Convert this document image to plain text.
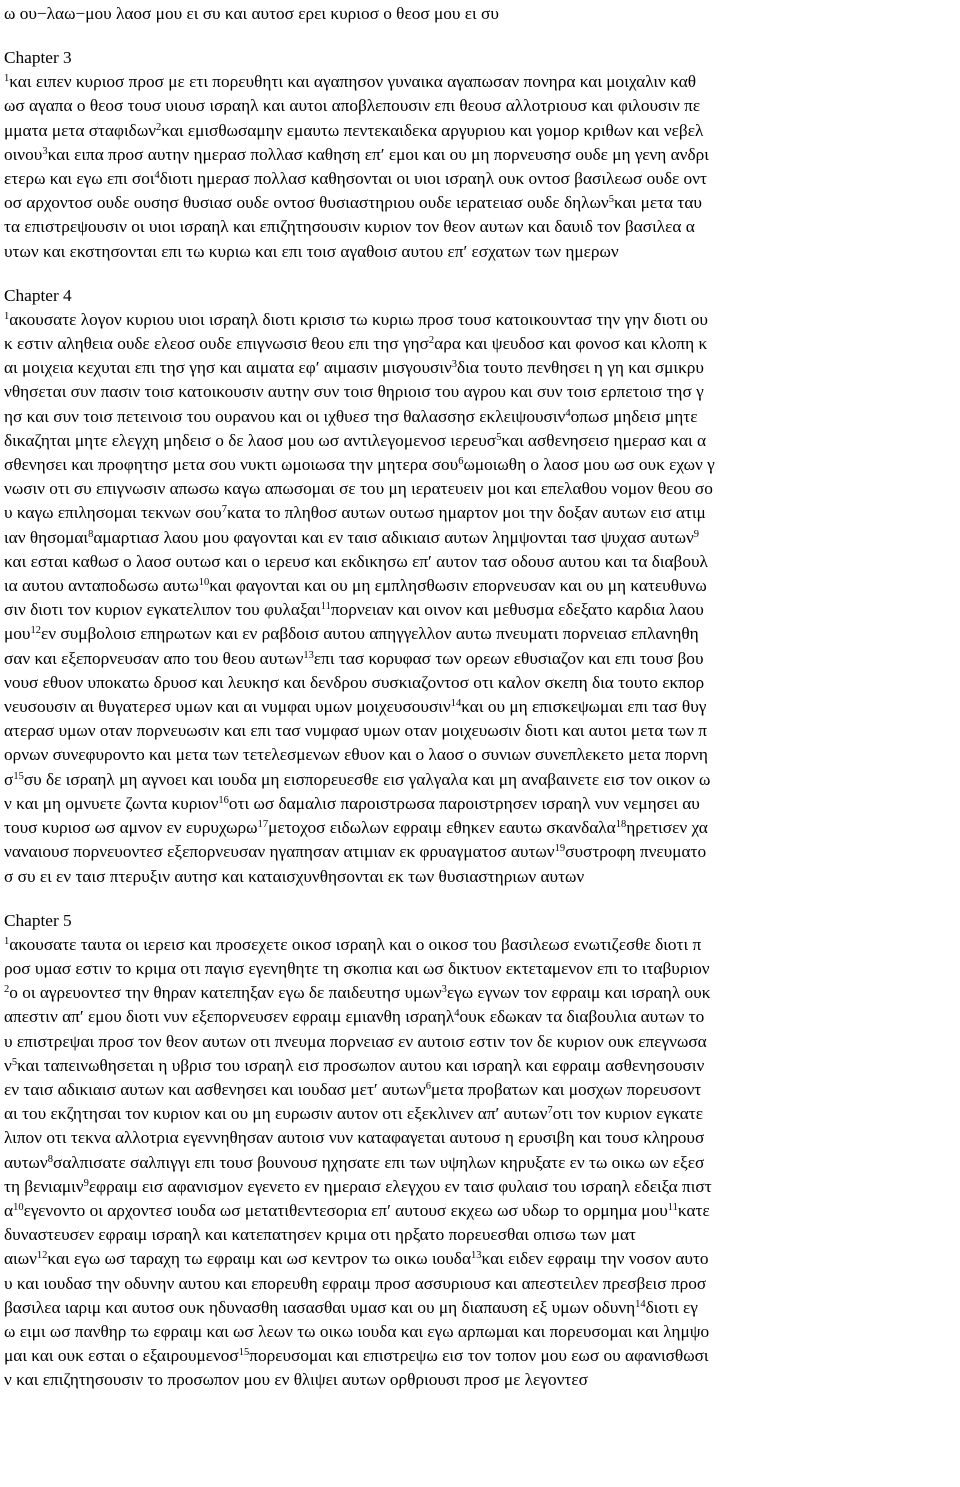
ω ου−λαω−μου λαοσ μου ει συ και αυτοσ ερει κυριοσ ο θεοσ μου ει συ
Chapter 3
$^1$και ειπεν κυριοσ προσ με ετι πορευθητι και αγαπησον γυναικα αγαπωσαν πονηρα και μοιχαλιν καθ
ωσ αγαπα ο θεοσ τουσ υιουσ ισραηλ και αυτοι αποβλεπουσιν επι θεουσ αλλοτριουσ και φιλουσιν πε
μματα μετα σταφιδων$^2$και εμισθωσαμην εμαυτω πεντεκαιδεκα αργυριου και γομορ κριθων και νεβελ
οινου$^3$και ειπα προσ αυτην ημερασ πολλασ καθηση επ′ εμοι και ου μη πορνευσησ ουδε μη γενη ανδρι
ετερω και εγω επι σοι$^4$διοτι ημερασ πολλασ καθησονται οι υιοι ισραηλ ουκ οντοσ βασιλεωσ ουδε οντ
οσ αρχοντοσ ουδε ουσησ θυσιασ ουδε οντοσ θυσιαστηριου ουδε ιερατειασ ουδε δηλων$^5$και μετα ταυ
τα επιστρεψουσιν οι υιοι ισραηλ και επιζητησουσιν κυριον τον θεον αυτων και δαυιδ τον βασιλεα α
υτων και εκστησονται επι τω κυριω και επι τοισ αγαθοισ αυτου επ′ εσχατων των ημερων
Chapter 4
$^1$ακουσατε λογον κυριου υιοι ισραηλ διοτι κρισισ τω κυριω προσ τουσ κατοικουντασ την γην διοτι ου
κ εστιν αληθεια ουδε ελεοσ ουδε επιγνωσισ θεου επι τησ γησ$^2$αρα και ψευδοσ και φονοσ και κλοπη κ
αι μοιχεια κεχυται επι τησ γησ και αιματα εφ′ αιμασιν μισγουσιν$^3$δια τουτο πενθησει η γη και σμικρυ
νθησεται συν πασιν τοισ κατοικουσιν αυτην συν τοισ θηριοισ του αγρου και συν τοισ ερπετοισ τησ γ
ησ και συν τοισ πετεινοισ του ουρανου και οι ιχθυεσ τησ θαλασσησ εκλειψουσιν$^4$οπωσ μηδεισ μητε
δικαζηται μητε ελεγχη μηδεισ ο δε λαοσ μου ωσ αντιλεγομενοσ ιερευσ$^5$και ασθενησεισ ημερασ και α
σθενησει και προφητησ μετα σου νυκτι ωμοιωσα την μητερα σου$^6$ωμοιωθη ο λαοσ μου ωσ ουκ εχων γ
νωσιν οτι συ επιγνωσιν απωσω καγω απωσομαι σε του μη ιερατευειν μοι και επελαθου νομον θεου σο
υ καγω επιλησομαι τεκνων σου$^7$κατα το πληθοσ αυτων ουτωσ ημαρτον μοι την δοξαν αυτων εισ ατιμ
ιαν θησομαι$^8$αμαρτιασ λαου μου φαγονται και εν ταισ αδικιαισ αυτων λημψονται τασ ψυχασ αυτων$^9$
και εσται καθωσ ο λαοσ ουτωσ και ο ιερευσ και εκδικησω επ′ αυτον τασ οδουσ αυτου και τα διαβουλ
ια αυτου ανταποδωσω αυτω$^{10}$και φαγονται και ου μη εμπλησθωσιν επορνευσαν και ου μη κατευθυνω
σιν διοτι τον κυριον εγκατελιπον του φυλαξαι$^{11}$πορνειαν και οινον και μεθυσμα εδεξατο καρδια λαου
μου$^{12}$εν συμβολοισ επηρωτων και εν ραβδοισ αυτου απηγγελλον αυτω πνευματι πορνειασ επλανηθη
σαν και εξεπορνευσαν απο του θεου αυτων$^{13}$επι τασ κορυφασ των ορεων εθυσιαζον και επι τουσ βου
νουσ εθυον υποκατω δρυοσ και λευκησ και δενδρου συσκιαζοντοσ οτι καλον σκεπη δια τουτο εκπορ
νευσουσιν αι θυγατερεσ υμων και αι νυμφαι υμων μοιχευσουσιν$^{14}$και ου μη επισκεψωμαι επι τασ θυγ
ατερασ υμων οταν πορνευωσιν και επι τασ νυμφασ υμων οταν μοιχευωσιν διοτι και αυτοι μετα των π
ορνων συνεφυροντο και μετα των τετελεσμενων εθυον και ο λαοσ ο συνιων συνεπλεκετο μετα πορνη
$\sigma^{15}\sigma\upsilon$ δε ισραηλ μη αγνοει και ιουδα μη εισπορευεσθε εισ γαλγαλα και μη αναβαινετε εισ τον οικον ω
ν και μη ομνυετε ζωντα κυριον$^{16}$οτι ωσ δαμαλισ παροιστρωσα παροιστρησεν ισραηλ νυν νεμησει αυ
τουσ κυριοσ ωσ αμνον εν ευρυχωρω$^{17}$μετοχοσ ειδωλων εφραιμ εθηκεν εαυτω σκανδαλα$^{18}$ηρετισεν χα
ναναιουσ πορνευοντεσ εξεπορνευσαν ηγαπησαν ατιμιαν εκ φρυαγματοσ αυτων$^{19}$συστροφη πνευματο
σ συ ει εν ταισ πτερυξιν αυτησ και καταισχυνθησονται εκ των θυσιαστηριων αυτων
Chapter 5
$^1$ακουσατε ταυτα οι ιερεισ και προσεχετε οικοσ ισραηλ και ο οικοσ του βασιλεωσ ενωτιζεσθε διοτι π
ροσ υμασ εστιν το κριμα οτι παγισ εγενηθητε τη σκοπια και ωσ δικτυον εκτεταμενον επι το ιταβυριον
$^2$ο οι αγρευοντεσ την θηραν κατεπηξαν εγω δε παιδευτησ υμων$^3$εγω εγνων τον εφραιμ και ισραηλ ουκ
απεστιν απ′ εμου διοτι νυν εξεπορνευσεν εφραιμ εμιανθη ισραηλ$^4$ουκ εδωκαν τα διαβουλια αυτων το
υ επιστρεψαι προσ τον θεον αυτων οτι πνευμα πορνειασ εν αυτοισ εστιν τον δε κυριον ουκ επεγνωσα
$\nu^5\kappa\alpha\iota$ ταπεινωθησεται η υβρισ του ισραηλ εισ προσωπον αυτου και ισραηλ και εφραιμ ασθενησουσιν
εν ταισ αδικιαισ αυτων και ασθενησει και ιουδασ μετ′ αυτων$^6$μετα προβατων και μοσχων πορευσοντ
αι του εκζητησαι τον κυριον και ου μη ευρωσιν αυτον οτι εξεκλινεν απ′ αυτων$^7$οτι τον κυριον εγκατε
λιπον οτι τεκνα αλλοτρια εγεννηθησαν αυτοισ νυν καταφαγεται αυτουσ η ερυσιβη και τουσ κληρουσ
αυτων$^8$σαλπισατε σαλπιγγι επι τουσ βουνουσ ηχησατε επι των υψηλων κηρυξατε εν τω οικω ων εξεσ
τη βενιαμιν$^9$εφραιμ εισ αφανισμον εγενετο εν ημεραισ ελεγχου εν ταισ φυλαισ του ισραηλ εδειξα πιστ
$\alpha^{10}\varepsilon\gamma\varepsilon\nu o\nu\tau o$ οι αρχοντεσ ιουδα ωσ μετατιθεντεσορια επ′ αυτουσ εκχεω ωσ υδωρ το ορμημα μου$^{11}$κατε
δυναστευσεν εφραιμ ισραηλ και κατεπατησεν κριμα οτι ηρξατο πορευεσθαι οπισω των ματ
αιων$^{12}$και εγω ωσ ταραχη τω εφραιμ και ωσ κεντρον τω οικω ιουδα$^{13}$και ειδεν εφραιμ την νοσον αυτο
υ και ιουδασ την οδυνην αυτου και επορευθη εφραιμ προσ ασσυριουσ και απεστειλεν πρεσβεισ προσ
βασιλεα ιαριμ και αυτοσ ουκ ηδυνασθη ιασασθαι υμασ και ου μη διαπαυση εξ υμων οδυνη$^{14}$διοτι εγ
ω ειμι ωσ πανθηρ τω εφραιμ και ωσ λεων τω οικω ιουδα και εγω αρπωμαι και πορευσομαι και λημψο
μαι και ουκ εσται ο εξαιρουμενοσ$^{15}$πορευσομαι και επιστρεψω εισ τον τοπον μου εωσ ου αφανισθωσι
ν και επιζητησουσιν το προσωπον μου εν θλιψει αυτων ορθριουσι προσ με λεγοντεσ
